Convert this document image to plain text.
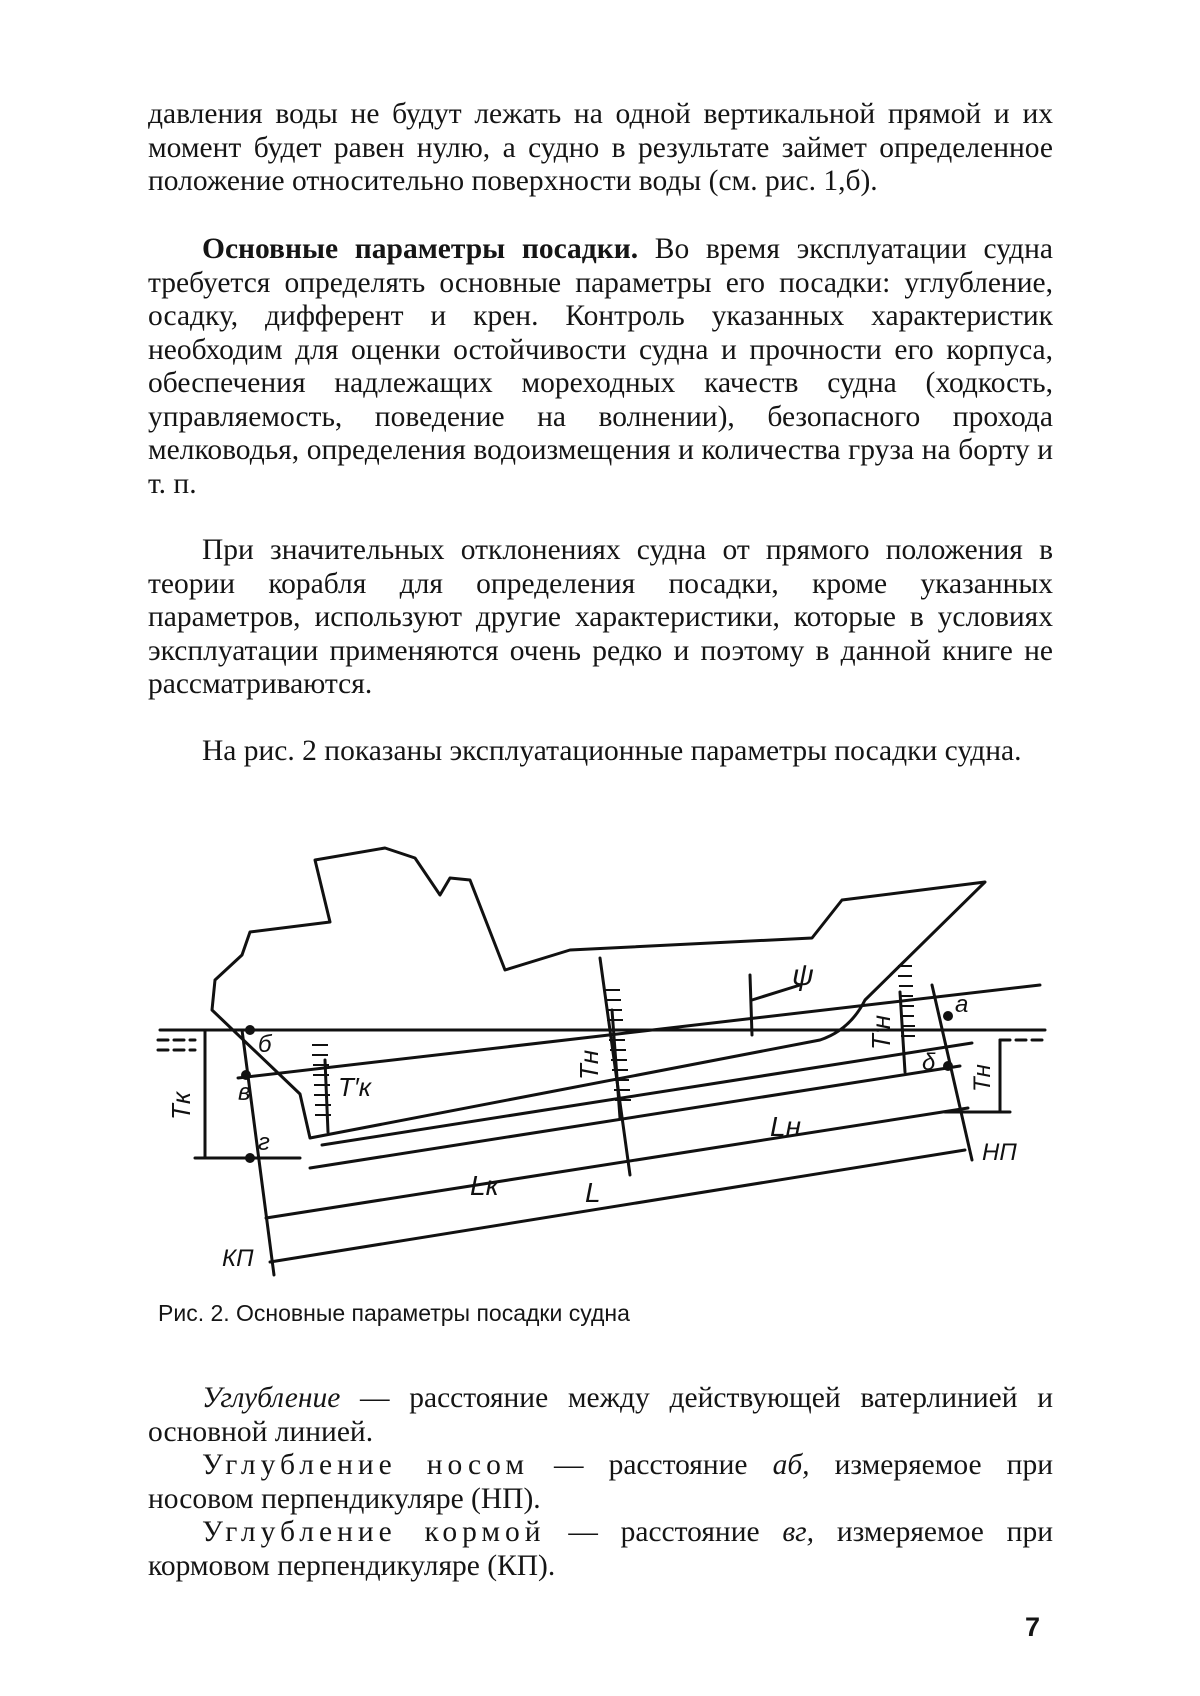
давления воды не будут лежать на одной вертикальной прямой и их момент будет равен нулю, а судно в результате займет определенное положение относительно поверхности воды (см. рис. 1,б).

Основные параметры посадки. Во время эксплуатации судна требуется определять основные параметры его посадки: углубление, осадку, дифферент и крен. Контроль указанных характеристик необходим для оценки остойчивости судна и прочности его корпуса, обеспечения надлежащих мореходных качеств судна (ходкость, управляемость, поведение на волнении), безопасного прохода мелководья, определения водоизмещения и количества груза на борту и т. п.

При значительных отклонениях судна от прямого положения в теории корабля для определения посадки, кроме указанных параметров, используют другие характеристики, которые в условиях эксплуатации применяются очень редко и поэтому в данной книге не рассматриваются.

На рис. 2 показаны эксплуатационные параметры посадки судна.

б
в
г
а
δ
ψ
T′к
Tк
Tн
T′н
Tн
Lк
Lн
L
НП
КП
Рис. 2. Основные параметры посадки судна

Углубление — расстояние между действующей ватерлинией и основной линией.

Углубление носом — расстояние аб, измеряемое при носовом перпендикуляре (НП).

Углубление кормой — расстояние вг, измеряемое при кормовом перпендикуляре (КП).

7
